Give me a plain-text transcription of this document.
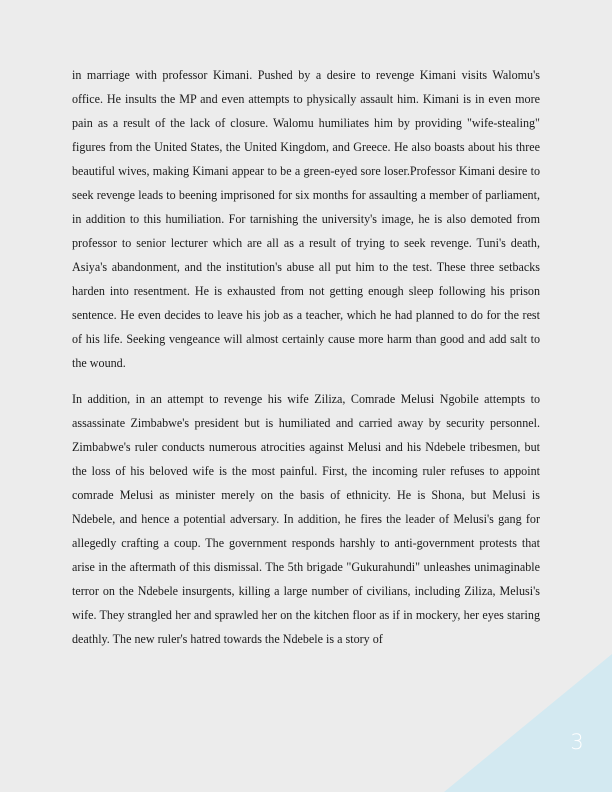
in marriage with professor Kimani. Pushed by a desire to revenge Kimani visits Walomu's office. He insults the MP and even attempts to physically assault him. Kimani is in even more pain as a result of the lack of closure. Walomu humiliates him by providing "wife-stealing" figures from the United States, the United Kingdom, and Greece. He also boasts about his three beautiful wives, making Kimani appear to be a green-eyed sore loser.Professor Kimani desire to seek revenge leads to beening imprisoned for six months for assaulting a member of parliament, in addition to this humiliation. For tarnishing the university's image, he is also demoted from professor to senior lecturer which are all as a result of trying to seek revenge. Tuni's death, Asiya's abandonment, and the institution's abuse all put him to the test. These three setbacks harden into resentment. He is exhausted from not getting enough sleep following his prison sentence. He even decides to leave his job as a teacher, which he had planned to do for the rest of his life. Seeking vengeance will almost certainly cause more harm than good and add salt to the wound.

In addition, in an attempt to revenge his wife Ziliza, Comrade Melusi Ngobile attempts to assassinate Zimbabwe's president but is humiliated and carried away by security personnel. Zimbabwe's ruler conducts numerous atrocities against Melusi and his Ndebele tribesmen, but the loss of his beloved wife is the most painful. First, the incoming ruler refuses to appoint comrade Melusi as minister merely on the basis of ethnicity. He is Shona, but Melusi is Ndebele, and hence a potential adversary. In addition, he fires the leader of Melusi's gang for allegedly crafting a coup. The government responds harshly to anti-government protests that arise in the aftermath of this dismissal. The 5th brigade "Gukurahundi" unleashes unimaginable terror on the Ndebele insurgents, killing a large number of civilians, including Ziliza, Melusi's wife. They strangled her and sprawled her on the kitchen floor as if in mockery, her eyes staring deathly. The new ruler's hatred towards the Ndebele is a story of

3
